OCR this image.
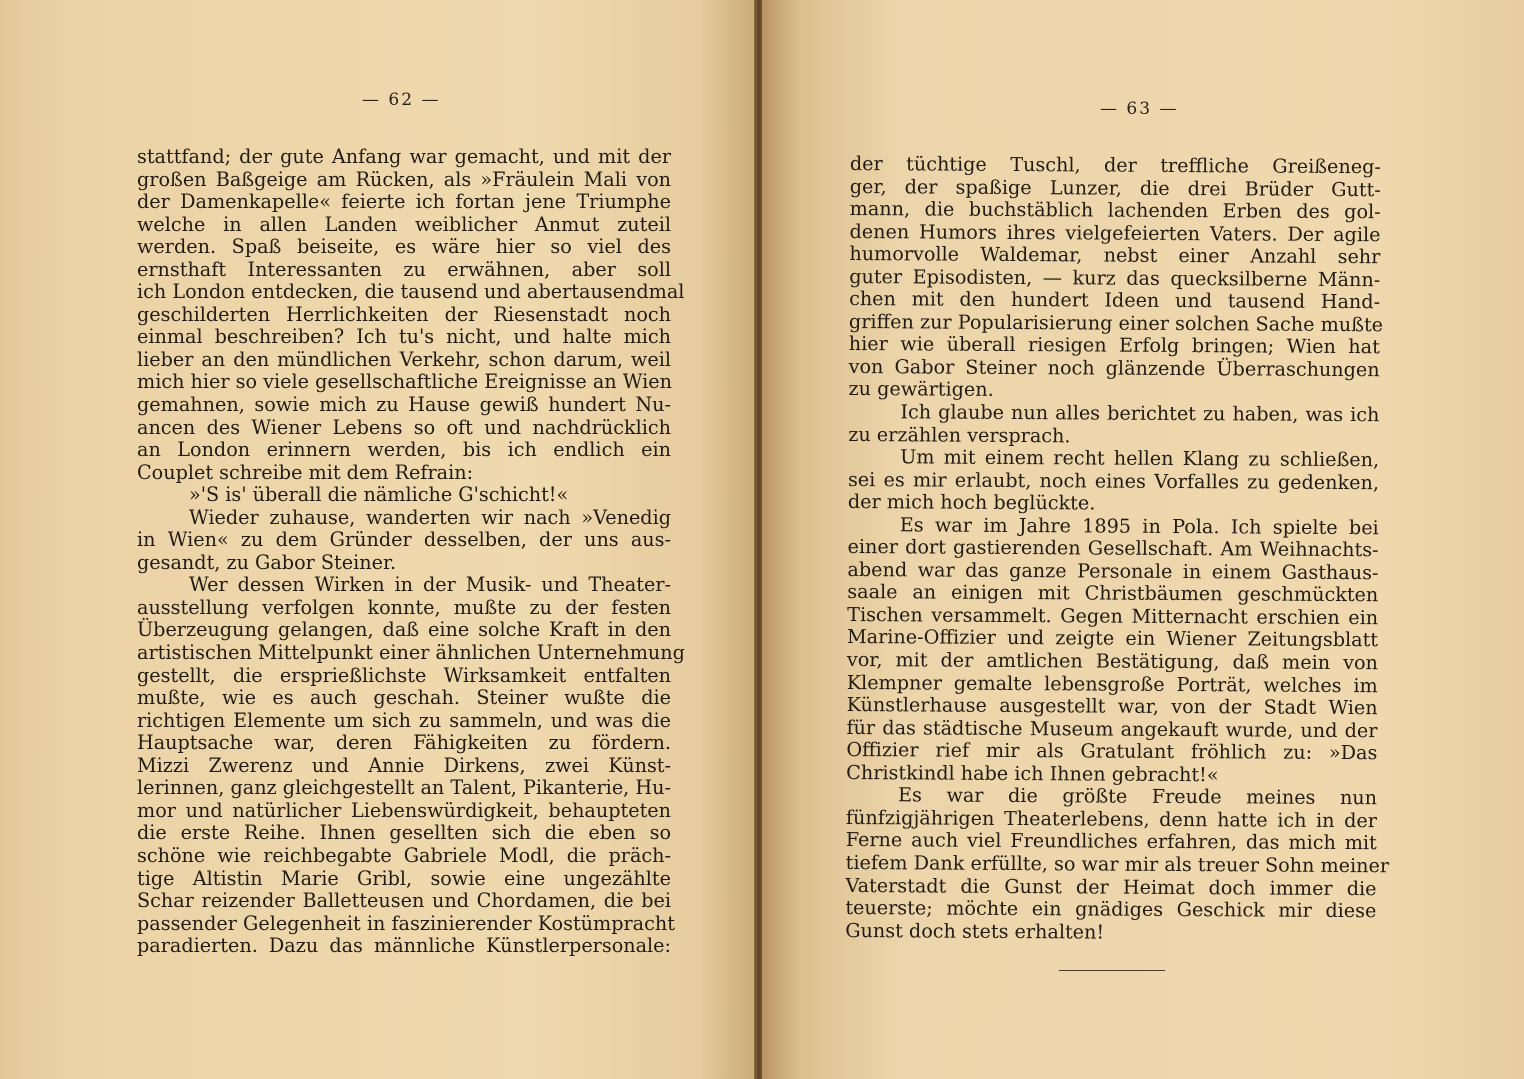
— 62 —
stattfand; der gute Anfang war gemacht, und mit der
großen Baßgeige am Rücken, als »Fräulein Mali von
der Damenkapelle« feierte ich fortan jene Triumphe
welche in allen Landen weiblicher Anmut zuteil
werden. Spaß beiseite, es wäre hier so viel des
ernsthaft Interessanten zu erwähnen, aber soll
ich London entdecken, die tausend und abertausendmal
geschilderten Herrlichkeiten der Riesenstadt noch
einmal beschreiben? Ich tu's nicht, und halte mich
lieber an den mündlichen Verkehr, schon darum, weil
mich hier so viele gesellschaftliche Ereignisse an Wien
gemahnen, sowie mich zu Hause gewiß hundert Nu-
ancen des Wiener Lebens so oft und nachdrücklich
an London erinnern werden, bis ich endlich ein
Couplet schreibe mit dem Refrain:
»'S is' überall die nämliche G'schicht!«
Wieder zuhause, wanderten wir nach »Venedig
in Wien« zu dem Gründer desselben, der uns aus-
gesandt, zu Gabor Steiner.
Wer dessen Wirken in der Musik- und Theater-
ausstellung verfolgen konnte, mußte zu der festen
Überzeugung gelangen, daß eine solche Kraft in den
artistischen Mittelpunkt einer ähnlichen Unternehmung
gestellt, die ersprießlichste Wirksamkeit entfalten
mußte, wie es auch geschah. Steiner wußte die
richtigen Elemente um sich zu sammeln, und was die
Hauptsache war, deren Fähigkeiten zu fördern.
Mizzi Zwerenz und Annie Dirkens, zwei Künst-
lerinnen, ganz gleichgestellt an Talent, Pikanterie, Hu-
mor und natürlicher Liebenswürdigkeit, behaupteten
die erste Reihe. Ihnen gesellten sich die eben so
schöne wie reichbegabte Gabriele Modl, die präch-
tige Altistin Marie Gribl, sowie eine ungezählte
Schar reizender Balletteusen und Chordamen, die bei
passender Gelegenheit in faszinierender Kostümpracht
paradierten. Dazu das männliche Künstlerpersonale:
— 63 —
der tüchtige Tuschl, der treffliche Greißeneg-
ger, der spaßige Lunzer, die drei Brüder Gutt-
mann, die buchstäblich lachenden Erben des gol-
denen Humors ihres vielgefeierten Vaters. Der agile
humorvolle Waldemar, nebst einer Anzahl sehr
guter Episodisten, — kurz das quecksilberne Männ-
chen mit den hundert Ideen und tausend Hand-
griffen zur Popularisierung einer solchen Sache mußte
hier wie überall riesigen Erfolg bringen; Wien hat
von Gabor Steiner noch glänzende Überraschungen
zu gewärtigen.
Ich glaube nun alles berichtet zu haben, was ich
zu erzählen versprach.
Um mit einem recht hellen Klang zu schließen,
sei es mir erlaubt, noch eines Vorfalles zu gedenken,
der mich hoch beglückte.
Es war im Jahre 1895 in Pola. Ich spielte bei
einer dort gastierenden Gesellschaft. Am Weihnachts-
abend war das ganze Personale in einem Gasthaus-
saale an einigen mit Christbäumen geschmückten
Tischen versammelt. Gegen Mitternacht erschien ein
Marine-Offizier und zeigte ein Wiener Zeitungsblatt
vor, mit der amtlichen Bestätigung, daß mein von
Klempner gemalte lebensgroße Porträt, welches im
Künstlerhause ausgestellt war, von der Stadt Wien
für das städtische Museum angekauft wurde, und der
Offizier rief mir als Gratulant fröhlich zu: »Das
Christkindl habe ich Ihnen gebracht!«
Es war die größte Freude meines nun
fünfzigjährigen Theaterlebens, denn hatte ich in der
Ferne auch viel Freundliches erfahren, das mich mit
tiefem Dank erfüllte, so war mir als treuer Sohn meiner
Vaterstadt die Gunst der Heimat doch immer die
teuerste; möchte ein gnädiges Geschick mir diese
Gunst doch stets erhalten!
